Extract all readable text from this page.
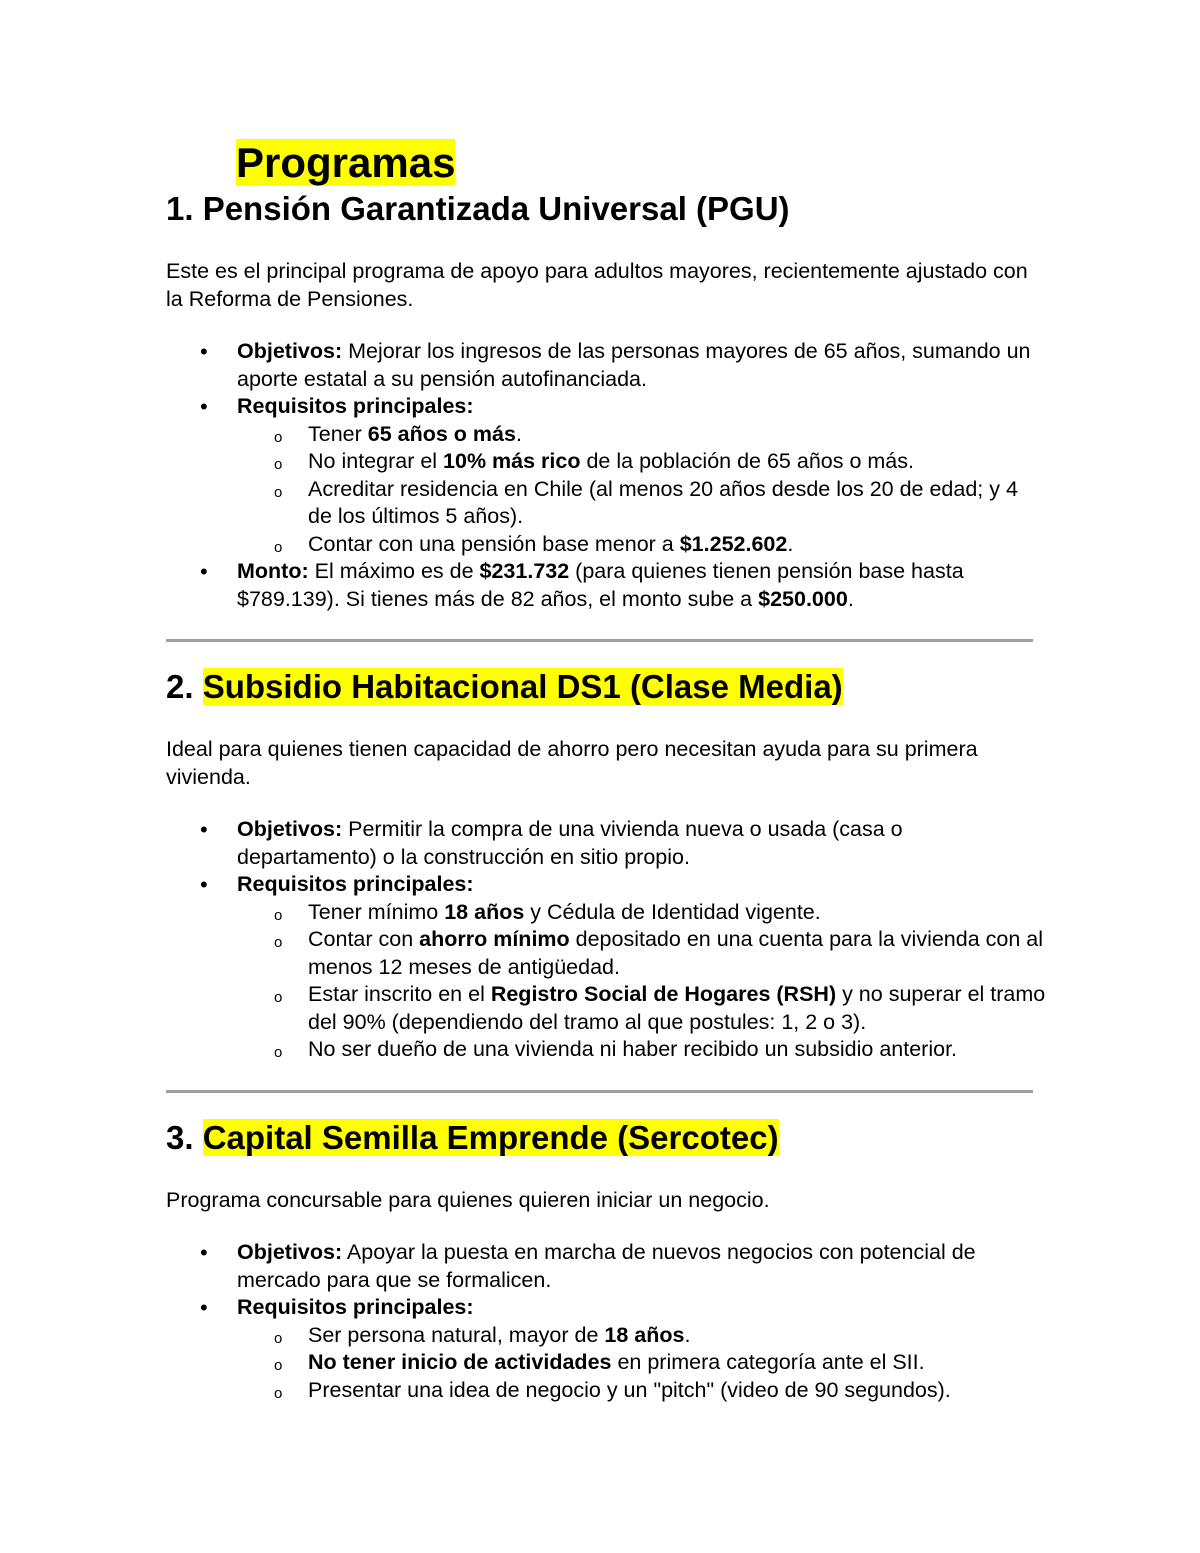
Programas
1. Pensión Garantizada Universal (PGU)

Este es el principal programa de apoyo para adultos mayores, recientemente ajustado con la Reforma de Pensiones.

• Objetivos: Mejorar los ingresos de las personas mayores de 65 años, sumando un aporte estatal a su pensión autofinanciada.
• Requisitos principales:
o Tener 65 años o más.
o No integrar el 10% más rico de la población de 65 años o más.
o Acreditar residencia en Chile (al menos 20 años desde los 20 de edad; y 4 de los últimos 5 años).
o Contar con una pensión base menor a $1.252.602.
• Monto: El máximo es de $231.732 (para quienes tienen pensión base hasta $789.139). Si tienes más de 82 años, el monto sube a $250.000.
2. Subsidio Habitacional DS1 (Clase Media)

Ideal para quienes tienen capacidad de ahorro pero necesitan ayuda para su primera vivienda.

• Objetivos: Permitir la compra de una vivienda nueva o usada (casa o departamento) o la construcción en sitio propio.
• Requisitos principales:
o Tener mínimo 18 años y Cédula de Identidad vigente.
o Contar con ahorro mínimo depositado en una cuenta para la vivienda con al menos 12 meses de antigüedad.
o Estar inscrito en el Registro Social de Hogares (RSH) y no superar el tramo del 90% (dependiendo del tramo al que postules: 1, 2 o 3).
o No ser dueño de una vivienda ni haber recibido un subsidio anterior.
3. Capital Semilla Emprende (Sercotec)

Programa concursable para quienes quieren iniciar un negocio.

• Objetivos: Apoyar la puesta en marcha de nuevos negocios con potencial de mercado para que se formalicen.
• Requisitos principales:
o Ser persona natural, mayor de 18 años.
o No tener inicio de actividades en primera categoría ante el SII.
o Presentar una idea de negocio y un "pitch" (video de 90 segundos).
